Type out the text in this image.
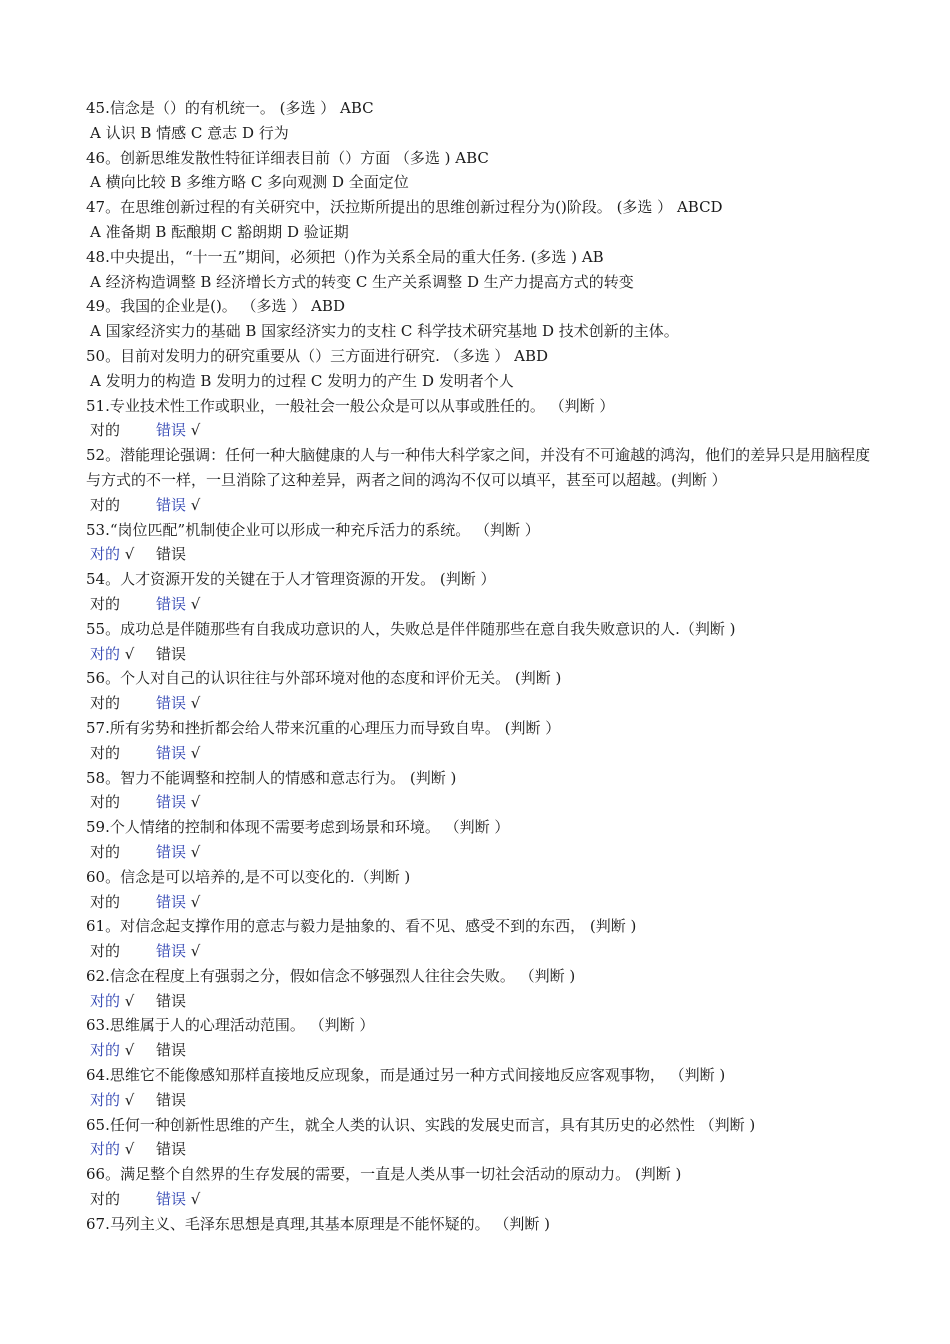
45.信念是（）的有机统一。 (多选 ） ABC
A 认识 B 情感 C 意志 D 行为
46。创新思维发散性特征详细表目前（）方面 （多选 ) ABC
A 横向比较 B 多维方略 C 多向观测 D 全面定位
47。在思维创新过程的有关研究中，沃拉斯所提出的思维创新过程分为()阶段。 (多选 ） ABCD
A 准备期 B 酝酿期 C 豁朗期 D 验证期
48.中央提出，“十一五”期间，必须把（)作为关系全局的重大任务. (多选 ) AB
A 经济构造调整 B 经济增长方式的转变 C 生产关系调整 D 生产力提高方式的转变
49。我国的企业是()。 （多选 ） ABD
A 国家经济实力的基础 B 国家经济实力的支柱 C 科学技术研究基地 D 技术创新的主体。
50。目前对发明力的研究重要从（）三方面进行研究. （多选 ） ABD
A 发明力的构造 B 发明力的过程 C 发明力的产生 D 发明者个人
51.专业技术性工作或职业，一般社会一般公众是可以从事或胜任的。 （判断 ）
对的 错误 √
52。潜能理论强调：任何一种大脑健康的人与一种伟大科学家之间，并没有不可逾越的鸿沟，他们的差异只是用脑程度与方式的不一样，一旦消除了这种差异，两者之间的鸿沟不仅可以填平，甚至可以超越。(判断 ）
对的 错误 √
53.“岗位匹配”机制使企业可以形成一种充斥活力的系统。 （判断 ）
对的 √ 错误
54。人才资源开发的关键在于人才管理资源的开发。 (判断 ）
对的 错误 √
55。成功总是伴随那些有自我成功意识的人，失败总是伴伴随那些在意自我失败意识的人.（判断 )
对的 √ 错误
56。个人对自己的认识往往与外部环境对他的态度和评价无关。 (判断 )
对的 错误 √
57.所有劣势和挫折都会给人带来沉重的心理压力而导致自卑。 (判断 ）
对的 错误 √
58。智力不能调整和控制人的情感和意志行为。 (判断 )
对的 错误 √
59.个人情绪的控制和体现不需要考虑到场景和环境。 （判断 ）
对的 错误 √
60。信念是可以培养的,是不可以变化的.（判断 )
对的 错误 √
61。对信念起支撑作用的意志与毅力是抽象的、看不见、感受不到的东西， (判断 )
对的 错误 √
62.信念在程度上有强弱之分，假如信念不够强烈人往往会失败。 （判断 )
对的 √ 错误
63.思维属于人的心理活动范围。 （判断 ）
对的 √ 错误
64.思维它不能像感知那样直接地反应现象，而是通过另一种方式间接地反应客观事物， （判断 )
对的 √ 错误
65.任何一种创新性思维的产生，就全人类的认识、实践的发展史而言，具有其历史的必然性 （判断 )
对的 √ 错误
66。满足整个自然界的生存发展的需要，一直是人类从事一切社会活动的原动力。 (判断 )
对的 错误 √
67.马列主义、毛泽东思想是真理,其基本原理是不能怀疑的。 （判断 )
